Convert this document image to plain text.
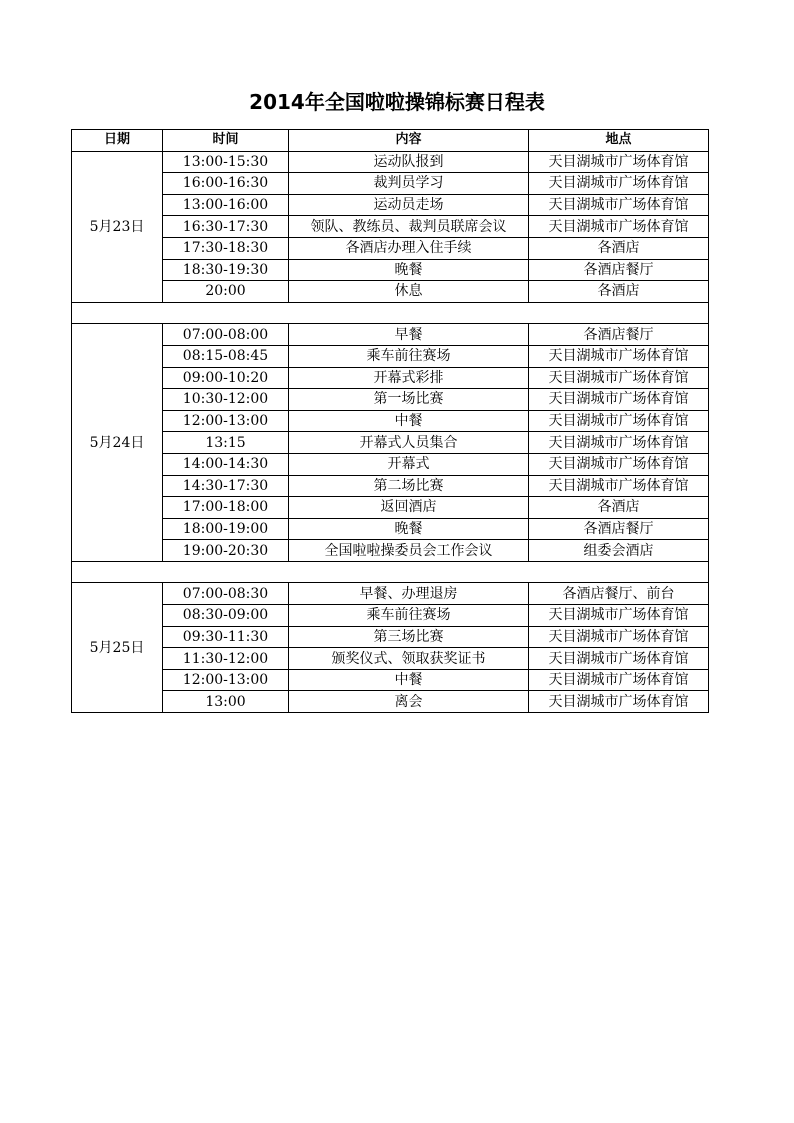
2014年全国啦啦操锦标赛日程表
日期	时间	内容	地点
5月23日	13:00-15:30	运动队报到	天目湖城市广场体育馆
	16:00-16:30	裁判员学习	天目湖城市广场体育馆
	13:00-16:00	运动员走场	天目湖城市广场体育馆
	16:30-17:30	领队、教练员、裁判员联席会议	天目湖城市广场体育馆
	17:30-18:30	各酒店办理入住手续	各酒店
	18:30-19:30	晚餐	各酒店餐厅
	20:00	休息	各酒店

5月24日	07:00-08:00	早餐	各酒店餐厅
	08:15-08:45	乘车前往赛场	天目湖城市广场体育馆
	09:00-10:20	开幕式彩排	天目湖城市广场体育馆
	10:30-12:00	第一场比赛	天目湖城市广场体育馆
	12:00-13:00	中餐	天目湖城市广场体育馆
	13:15	开幕式人员集合	天目湖城市广场体育馆
	14:00-14:30	开幕式	天目湖城市广场体育馆
	14:30-17:30	第二场比赛	天目湖城市广场体育馆
	17:00-18:00	返回酒店	各酒店
	18:00-19:00	晚餐	各酒店餐厅
	19:00-20:30	全国啦啦操委员会工作会议	组委会酒店

5月25日	07:00-08:30	早餐、办理退房	各酒店餐厅、前台
	08:30-09:00	乘车前往赛场	天目湖城市广场体育馆
	09:30-11:30	第三场比赛	天目湖城市广场体育馆
	11:30-12:00	颁奖仪式、领取获奖证书	天目湖城市广场体育馆
	12:00-13:00	中餐	天目湖城市广场体育馆
	13:00	离会	天目湖城市广场体育馆
